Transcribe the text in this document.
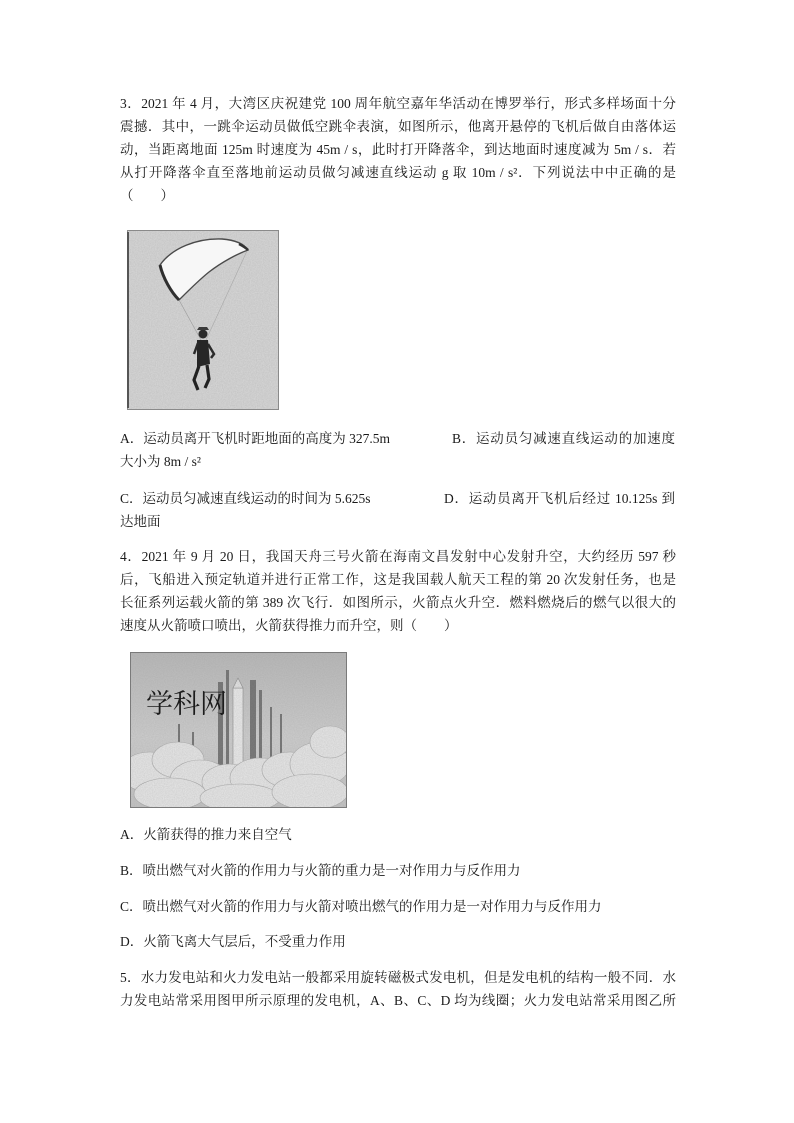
3．2021 年 4 月，大湾区庆祝建党 100 周年航空嘉年华活动在博罗举行，形式多样场面十分
震撼．其中，一跳伞运动员做低空跳伞表演，如图所示，他离开悬停的飞机后做自由落体运
动，当距离地面 125m 时速度为 45m / s，此时打开降落伞，到达地面时速度减为 5m / s．若
从打开降落伞直至落地前运动员做匀减速直线运动 g 取 10m / s²．下列说法中中正确的是
（　　）
A．运动员离开飞机时距地面的高度为 327.5m	B．运动员匀减速直线运动的加速度
大小为 8m / s²
C．运动员匀减速直线运动的时间为 5.625s	D．运动员离开飞机后经过 10.125s 到
达地面
4．2021 年 9 月 20 日，我国天舟三号火箭在海南文昌发射中心发射升空，大约经历 597 秒
后，飞船进入预定轨道并进行正常工作，这是我国载人航天工程的第 20 次发射任务，也是
长征系列运载火箭的第 389 次飞行．如图所示，火箭点火升空．燃料燃烧后的燃气以很大的
速度从火箭喷口喷出，火箭获得推力而升空，则（　　）
学科网
A．火箭获得的推力来自空气
B．喷出燃气对火箭的作用力与火箭的重力是一对作用力与反作用力
C．喷出燃气对火箭的作用力与火箭对喷出燃气的作用力是一对作用力与反作用力
D．火箭飞离大气层后，不受重力作用
5．水力发电站和火力发电站一般都采用旋转磁极式发电机，但是发电机的结构一般不同．水
力发电站常采用图甲所示原理的发电机，A、B、C、D 均为线圈；火力发电站常采用图乙所
